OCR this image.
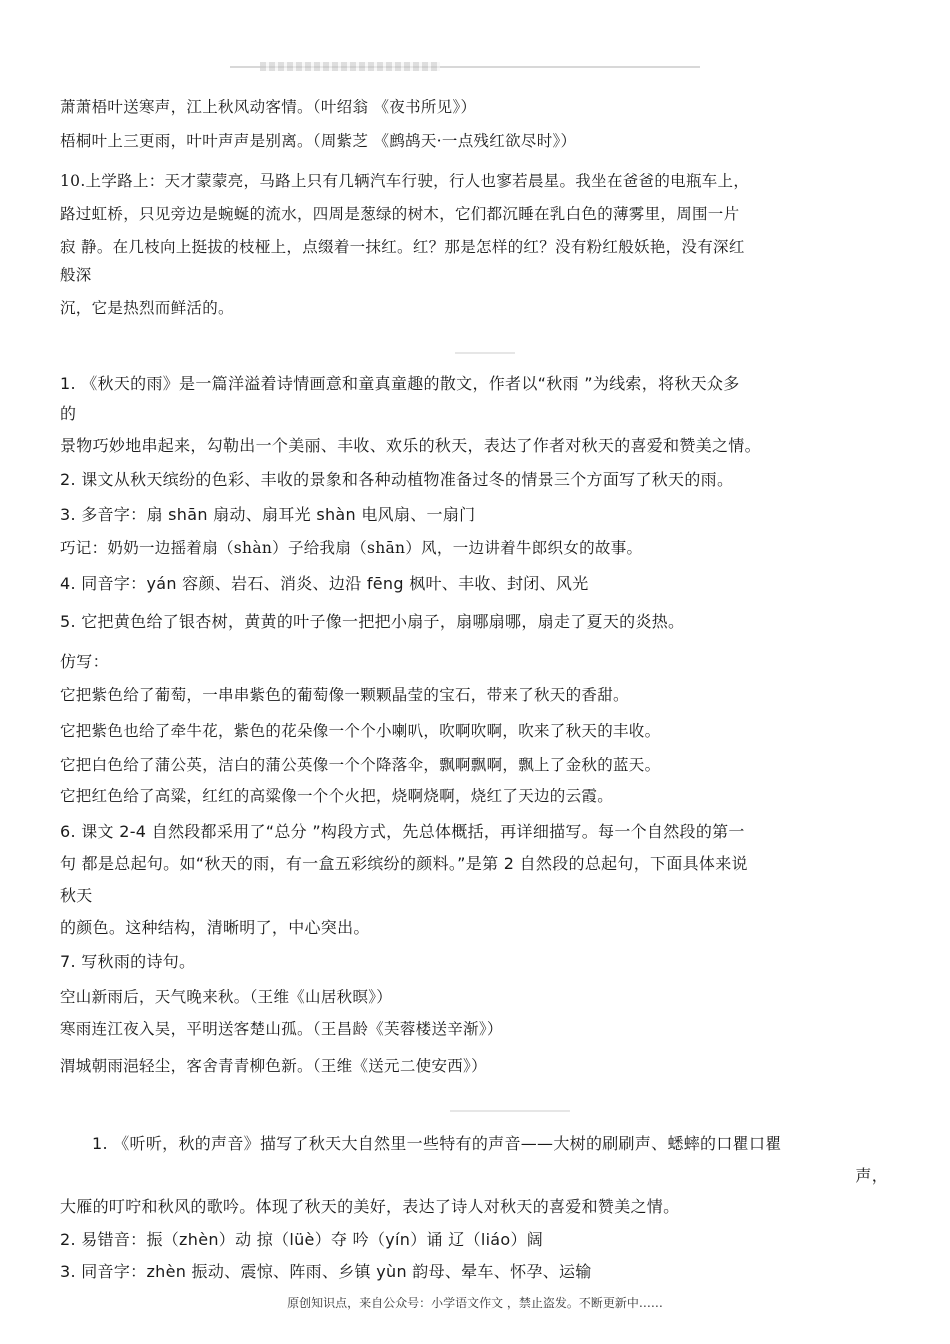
萧萧梧叶送寒声，江上秋风动客情。（叶绍翁 《夜书所见》）
梧桐叶上三更雨，叶叶声声是别离。（周紫芝 《鹧鸪天·一点残红欲尽时》）
10.上学路上：天才蒙蒙亮，马路上只有几辆汽车行驶，行人也寥若晨星。我坐在爸爸的电瓶车上，
路过虹桥，只见旁边是蜿蜒的流水，四周是葱绿的树木，它们都沉睡在乳白色的薄雾里，周围一片
寂 静。在几枝向上挺拔的枝桠上，点缀着一抹红。红？那是怎样的红？没有粉红般妖艳，没有深红
般深
沉，它是热烈而鲜活的。
1. 《秋天的雨》是一篇洋溢着诗情画意和童真童趣的散文，作者以“秋雨 ”为线索，将秋天众多
的
景物巧妙地串起来，勾勒出一个美丽、丰收、欢乐的秋天，表达了作者对秋天的喜爱和赞美之情。
2. 课文从秋天缤纷的色彩、丰收的景象和各种动植物准备过冬的情景三个方面写了秋天的雨。
3. 多音字：扇 shān 扇动、扇耳光 shàn 电风扇、一扇门
巧记：奶奶一边摇着扇（shàn）子给我扇（shān）风，一边讲着牛郎织女的故事。
4. 同音字：yán 容颜、岩石、消炎、边沿 fēng 枫叶、丰收、封闭、风光
5. 它把黄色给了银杏树，黄黄的叶子像一把把小扇子，扇哪扇哪，扇走了夏天的炎热。
仿写：
它把紫色给了葡萄，一串串紫色的葡萄像一颗颗晶莹的宝石，带来了秋天的香甜。
它把紫色也给了牵牛花，紫色的花朵像一个个小喇叭，吹啊吹啊，吹来了秋天的丰收。
它把白色给了蒲公英，洁白的蒲公英像一个个降落伞，飘啊飘啊，飘上了金秋的蓝天。
它把红色给了高粱，红红的高粱像一个个火把，烧啊烧啊，烧红了天边的云霞。
6. 课文 2-4 自然段都采用了“总分 ”构段方式，先总体概括，再详细描写。每一个自然段的第一
句 都是总起句。如“秋天的雨，有一盒五彩缤纷的颜料。”是第 2 自然段的总起句，下面具体来说
秋天
的颜色。这种结构，清晰明了，中心突出。
7. 写秋雨的诗句。
空山新雨后，天气晚来秋。（王维《山居秋暝》）
寒雨连江夜入吴，平明送客楚山孤。（王昌龄《芙蓉楼送辛渐》）
渭城朝雨浥轻尘，客舍青青柳色新。（王维《送元二使安西》）
1. 《听听，秋的声音》描写了秋天大自然里一些特有的声音——大树的刷刷声、蟋蟀的口瞿口瞿
声，
大雁的叮咛和秋风的歌吟。体现了秋天的美好，表达了诗人对秋天的喜爱和赞美之情。
2. 易错音：振（zhèn）动 掠（lüè）夺 吟（yín）诵 辽（liáo）阔
3. 同音字：zhèn 振动、震惊、阵雨、乡镇 yùn 韵母、晕车、怀孕、运输
原创知识点，来自公众号：小学语文作文 ，禁止盗发。不断更新中……
